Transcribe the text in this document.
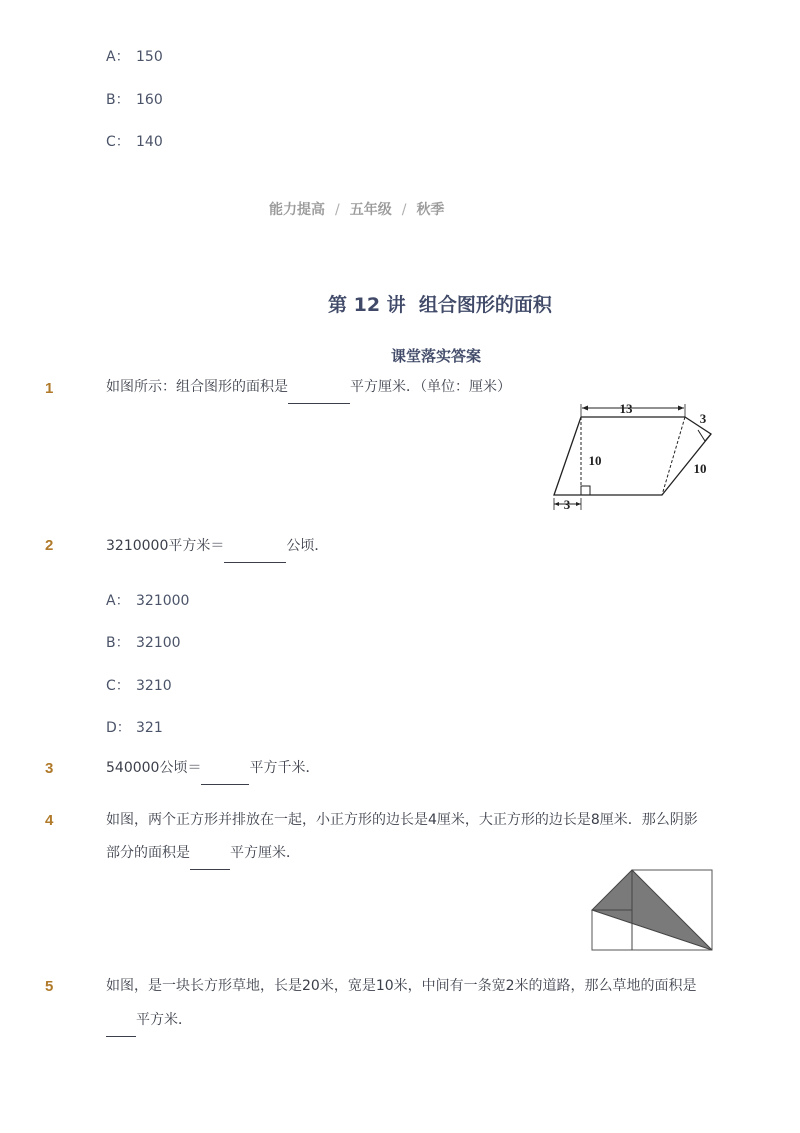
A： 150
B： 160
C： 140
能力提高 / 五年级 / 秋季
第 12 讲  组合图形的面积
课堂落实答案
1	如图所示：组合图形的面积是	平方厘米．（单位：厘米）
13
3
10
10
3
2	3210000平方米＝	公顷．
A： 321000
B： 32100
C： 3210
D： 321
3	540000公顷＝	平方千米．
4	如图，两个正方形并排放在一起，小正方形的边长是4厘米，大正方形的边长是8厘米．那么阴影
部分的面积是	平方厘米．
5	如图，是一块长方形草地，长是20米，宽是10米，中间有一条宽2米的道路，那么草地的面积是
平方米．
